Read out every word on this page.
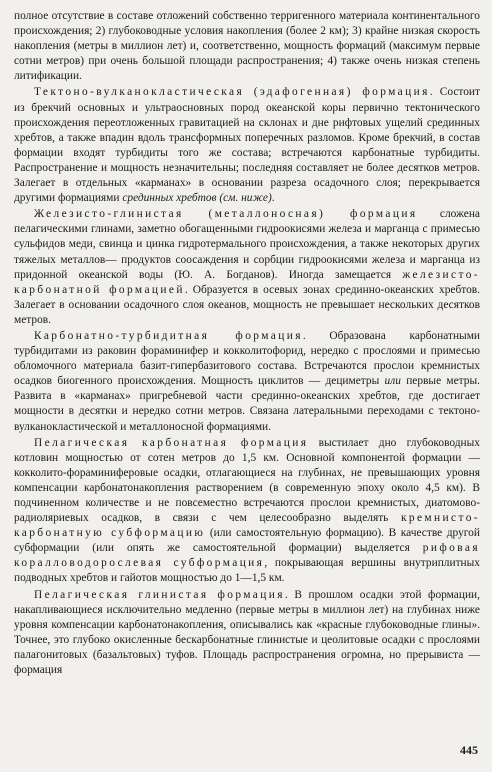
полное отсутствие в составе отложений собственно терригенного материала континентального происхождения; 2) глубоководные условия накопления (более 2 км); 3) крайне низкая скорость накопления (метры в миллион лет) и, соответственно, мощность формаций (максимум первые сотни метров) при очень большой площади распространения; 4) также очень низкая степень литификации.

Тектоно-вулканокластическая (эдафогенная) формация. Состоит из брекчий основных и ультраосновных пород океанской коры первично тектонического происхождения переотложенных гравитацией на склонах и дне рифтовых ущелий срединных хребтов, а также впадин вдоль трансформных поперечных разломов. Кроме брекчий, в состав формации входят турбидиты того же состава; встречаются карбонатные турбидиты. Распространение и мощность незначительны; последняя составляет не более десятков метров. Залегает в отдельных «карманах» в основании разреза осадочного слоя; перекрывается другими формациями срединных хребтов (см. ниже).

Железисто-глинистая (металлоносная) формация сложена пелагическими глинами, заметно обогащенными гидроокисями железа и марганца с примесью сульфидов меди, свинца и цинка гидротермального происхождения, а также некоторых других тяжелых металлов— продуктов соосаждения и сорбции гидроокисями железа и марганца из придонной океанской воды (Ю. А. Богданов). Иногда замещается железисто-карбонатной формацией. Образуется в осевых зонах срединно-океанских хребтов. Залегает в основании осадочного слоя океанов, мощность не превышает нескольких десятков метров.

Карбонатно-турбидитная формация. Образована карбонатными турбидитами из раковин фораминифер и кокколитофорид, нередко с прослоями и примесью обломочного материала базит-гипербазитового состава. Встречаются прослои кремнистых осадков биогенного происхождения. Мощность циклитов — дециметры или первые метры. Развита в «карманах» пригребневой части срединно-океанских хребтов, где достигает мощности в десятки и нередко сотни метров. Связана латеральными переходами с тектоно-вулканокластической и металлоносной формациями.

Пелагическая карбонатная формация выстилает дно глубоководных котловин мощностью от сотен метров до 1,5 км. Основной компонентой формации — кокколито-фораминиферовые осадки, отлагающиеся на глубинах, не превышающих уровня компенсации карбонатонакопления растворением (в современную эпоху около 4,5 км). В подчиненном количестве и не повсеместно встречаются прослои кремнистых, диатомово-радиоляриевых осадков, в связи с чем целесообразно выделять кремнисто-карбонатную субформацию (или самостоятельную формацию). В качестве другой субформации (или опять же самостоятельной формации) выделяется рифовая коралловодорослевая субформация, покрывающая вершины внутриплитных подводных хребтов и гайотов мощностью до 1—1,5 км.

Пелагическая глинистая формация. В прошлом осадки этой формации, накапливающиеся исключительно медленно (первые метры в миллион лет) на глубинах ниже уровня компенсации карбонатонакопления, описывались как «красные глубоководные глины». Точнее, это глубоко окисленные бескарбонатные глинистые и цеолитовые осадки с прослоями палагонитовых (базальтовых) туфов. Площадь распространения огромна, но прерывиста — формация

445
